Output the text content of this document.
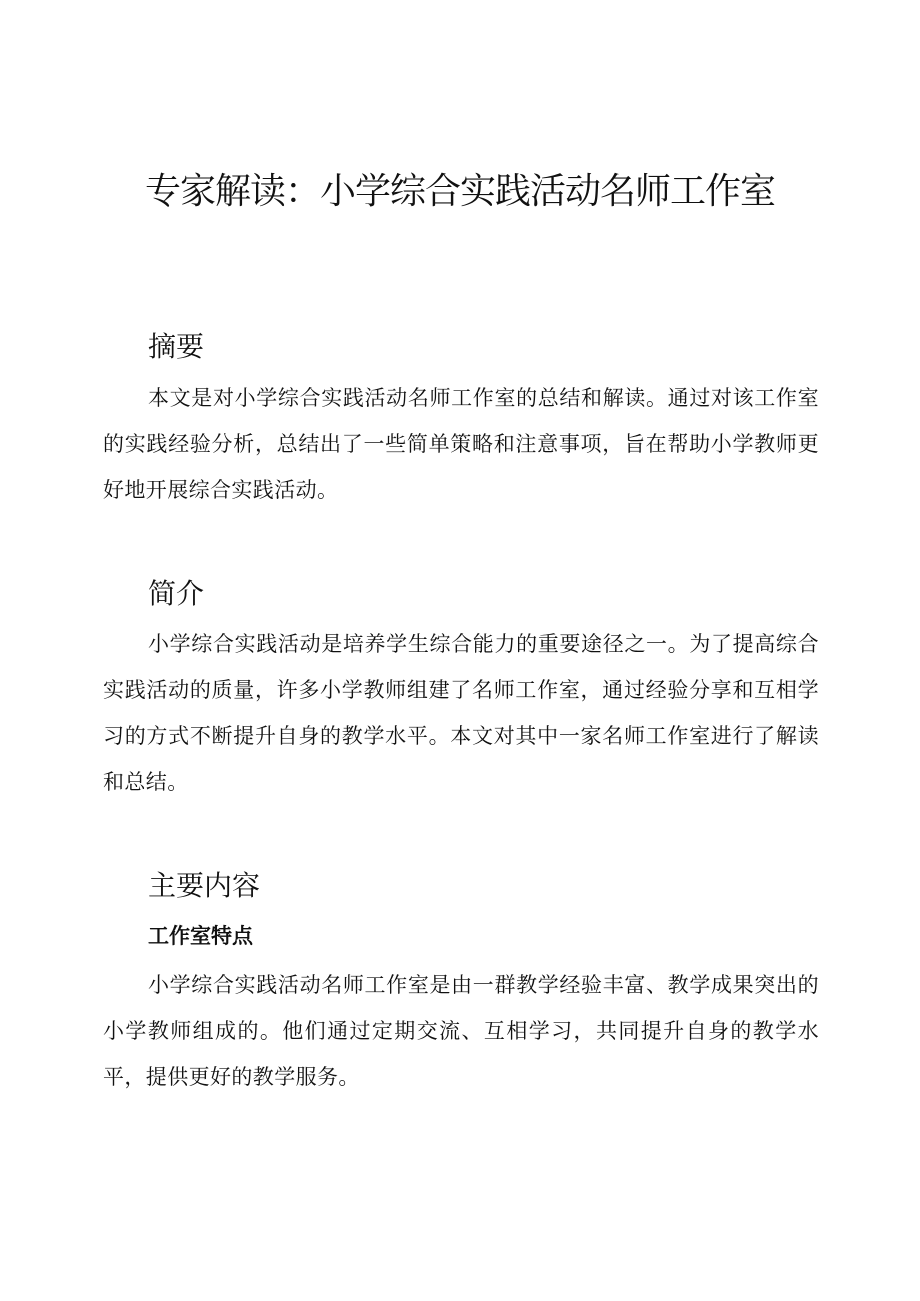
专家解读：小学综合实践活动名师工作室
摘要

本文是对小学综合实践活动名师工作室的总结和解读。通过对该工作室的实践经验分析，总结出了一些简单策略和注意事项，旨在帮助小学教师更好地开展综合实践活动。

简介

小学综合实践活动是培养学生综合能力的重要途径之一。为了提高综合实践活动的质量，许多小学教师组建了名师工作室，通过经验分享和互相学习的方式不断提升自身的教学水平。本文对其中一家名师工作室进行了解读和总结。

主要内容
工作室特点

小学综合实践活动名师工作室是由一群教学经验丰富、教学成果突出的小学教师组成的。他们通过定期交流、互相学习，共同提升自身的教学水平，提供更好的教学服务。
